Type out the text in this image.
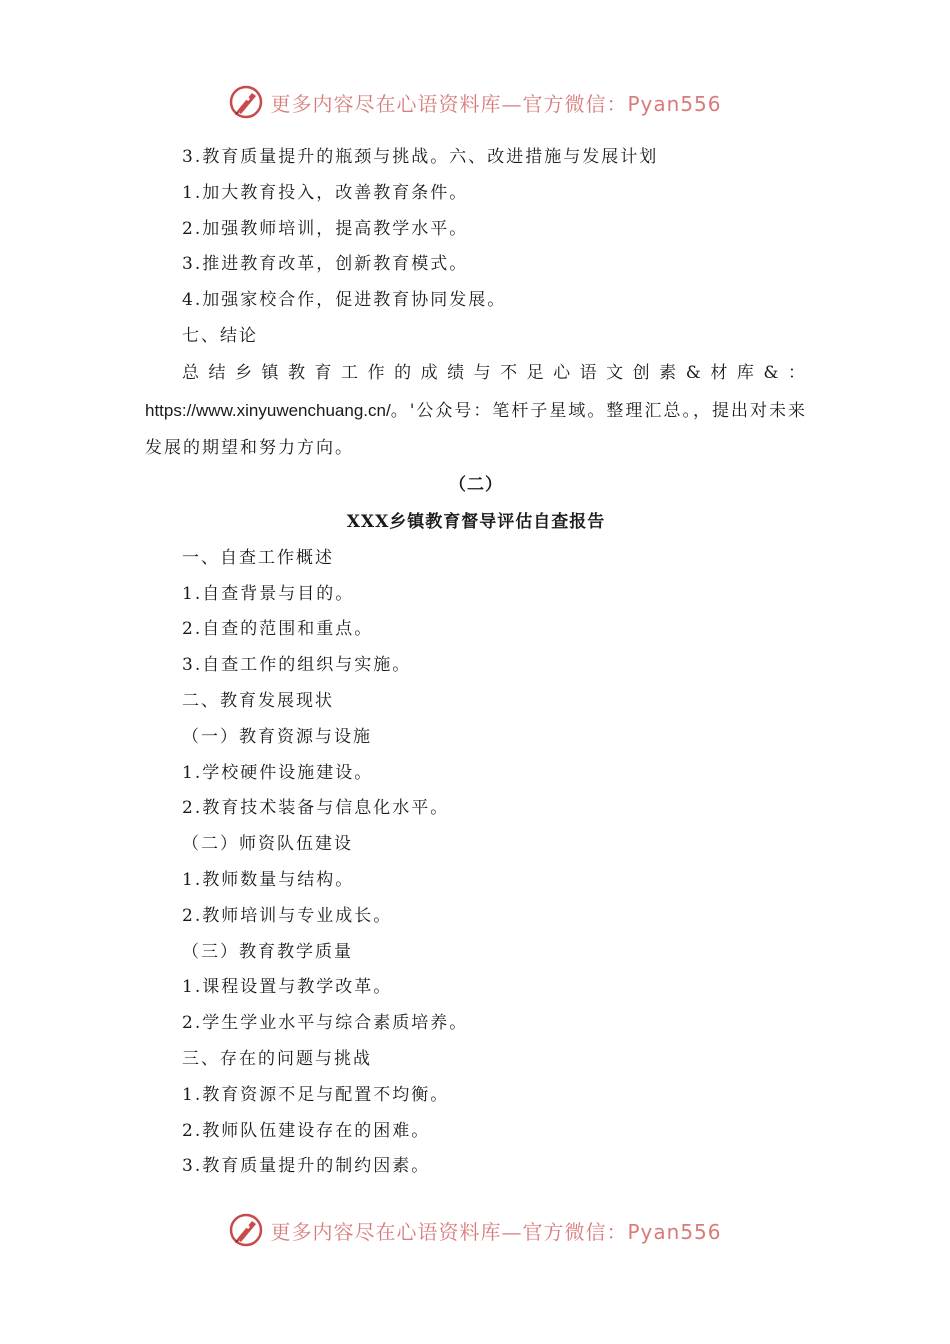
更多内容尽在心语资料库—官方微信：Pyan556
3.教育质量提升的瓶颈与挑战。六、改进措施与发展计划
1.加大教育投入，改善教育条件。
2.加强教师培训，提高教学水平。
3.推进教育改革，创新教育模式。
4.加强家校合作，促进教育协同发展。
七、结论
总结乡镇教育工作的成绩与不足心语文创素&材库&： https://www.xinyuwenchuang.cn/。'公众号：笔杆子星域。整理汇总。，提出对未来发展的期望和努力方向。
（二）
XXX乡镇教育督导评估自查报告
一、自查工作概述
1.自查背景与目的。
2.自查的范围和重点。
3.自查工作的组织与实施。
二、教育发展现状
（一）教育资源与设施
1.学校硬件设施建设。
2.教育技术装备与信息化水平。
（二）师资队伍建设
1.教师数量与结构。
2.教师培训与专业成长。
（三）教育教学质量
1.课程设置与教学改革。
2.学生学业水平与综合素质培养。
三、存在的问题与挑战
1.教育资源不足与配置不均衡。
2.教师队伍建设存在的困难。
3.教育质量提升的制约因素。
更多内容尽在心语资料库—官方微信：Pyan556
